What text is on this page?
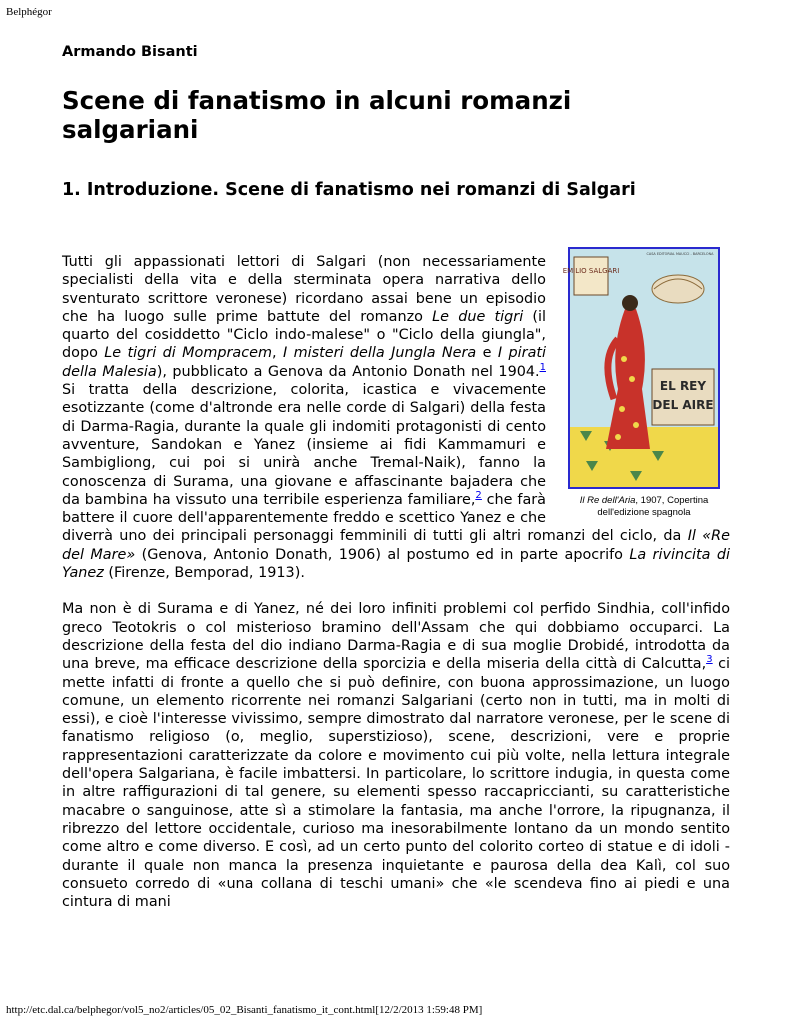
Belphégor
Armando Bisanti
Scene di fanatismo in alcuni romanzi salgariani
1. Introduzione. Scene di fanatismo nei romanzi di Salgari
EMILIO SALGARI
EL REY
DEL AIRE
CASA EDITORIAL MAUCCI - BARCELONA
Il Re dell'Aria, 1907, Copertina dell'edizione spagnola

Tutti gli appassionati lettori di Salgari (non necessariamente specialisti della vita e della sterminata opera narrativa dello sventurato scrittore veronese) ricordano assai bene un episodio che ha luogo sulle prime battute del romanzo Le due tigri (il quarto del cosiddetto "Ciclo indo-malese" o "Ciclo della giungla", dopo Le tigri di Mompracem, I misteri della Jungla Nera e I pirati della Malesia), pubblicato a Genova da Antonio Donath nel 1904.$^1$ Si tratta della descrizione, colorita, icastica e vivacemente esotizzante (come d'altronde era nelle corde di Salgari) della festa di Darma-Ragia, durante la quale gli indomiti protagonisti di cento avventure, Sandokan e Yanez (insieme ai fidi Kammamuri e Sambigliong, cui poi si unirà anche Tremal-Naik), fanno la conoscenza di Surama, una giovane e affascinante bajadera che da bambina ha vissuto una terribile esperienza familiare,$^2$ che farà battere il cuore dell'apparentemente freddo e scettico Yanez e che diverrà uno dei principali personaggi femminili di tutti gli altri romanzi del ciclo, da Il «Re del Mare» (Genova, Antonio Donath, 1906) al postumo ed in parte apocrifo La rivincita di Yanez (Firenze, Bemporad, 1913).

Ma non è di Surama e di Yanez, né dei loro infiniti problemi col perfido Sindhia, coll'infido greco Teotokris o col misterioso bramino dell'Assam che qui dobbiamo occuparci. La descrizione della festa del dio indiano Darma-Ragia e di sua moglie Drobidé, introdotta da una breve, ma efficace descrizione della sporcizia e della miseria della città di Calcutta,$^3$ ci mette infatti di fronte a quello che si può definire, con buona approssimazione, un luogo comune, un elemento ricorrente nei romanzi Salgariani (certo non in tutti, ma in molti di essi), e cioè l'interesse vivissimo, sempre dimostrato dal narratore veronese, per le scene di fanatismo religioso (o, meglio, superstizioso), scene, descrizioni, vere e proprie rappresentazioni caratterizzate da colore e movimento cui più volte, nella lettura integrale dell'opera Salgariana, è facile imbattersi. In particolare, lo scrittore indugia, in questa come in altre raffigurazioni di tal genere, su elementi spesso raccapriccianti, su caratteristiche macabre o sanguinose, atte sì a stimolare la fantasia, ma anche l'orrore, la ripugnanza, il ribrezzo del lettore occidentale, curioso ma inesorabilmente lontano da un mondo sentito come altro e come diverso. E così, ad un certo punto del colorito corteo di statue e di idoli - durante il quale non manca la presenza inquietante e paurosa della dea Kalì, col suo consueto corredo di «una collana di teschi umani» che «le scendeva fino ai piedi e una cintura di mani

http://etc.dal.ca/belphegor/vol5_no2/articles/05_02_Bisanti_fanatismo_it_cont.html[12/2/2013 1:59:48 PM]
